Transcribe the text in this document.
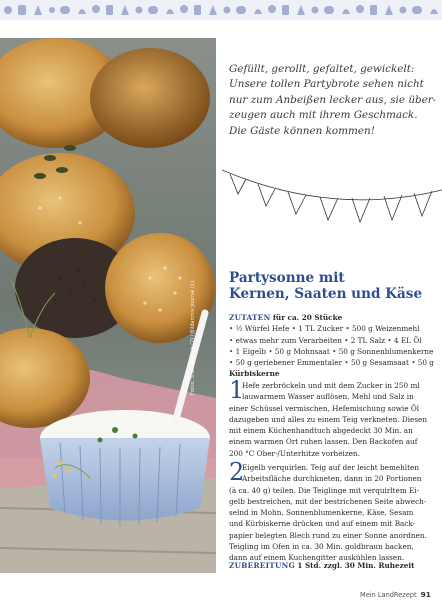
Fotos: Shutterstock (2) / Bildarchiv Journal (1)

Gefüllt, gerollt, gefaltet, gewickelt:

Unsere tollen Partybrote sehen nicht

nur zum Anbeißen lecker aus, sie über-

zeugen auch mit ihrem Geschmack.

Die Gäste können kommen!

Partysonne mit
Kernen, Saaten und Käse
ZUTATEN für ca. 20 Stücke
• ½ Würfel Hefe • 1 TL Zucker • 500 g Weizenmehl
• etwas mehr zum Verarbeiten • 2 TL Salz • 4 EL Öl
• 1 Eigelb • 50 g Mohnsaat • 50 g Sonnenblumenkerne
• 50 g geriebener Emmentaler • 50 g Sesamsaat • 50 g
Kürbiskerne
1
Hefe zerbröckeln und mit dem Zucker in 250 ml
lauwarmem Wasser auflösen. Mehl und Salz in
einer Schüssel vermischen, Hefemischung sowie Öl
dazugeben und alles zu einem Teig verkneten. Diesen
mit einem Küchenhandtuch abgedeckt 30 Min. an
einem warmen Ort ruhen lassen. Den Backofen auf
200 °C Ober-/Unterhitze vorheizen.
2
Eigelb verquirlen. Teig auf der leicht bemehlten
Arbeitsfläche durchkneten, dann in 20 Portionen
(à ca. 40 g) teilen. Die Teiglinge mit verquirltem Ei-
gelb bestreichen, mit der bestrichenen Seite abwech-
selnd in Mohn, Sonnenblumenkerne, Käse, Sesam
und Kürbiskerne drücken und auf einem mit Back-
papier belegten Blech rund zu einer Sonne anordnen.
Teigling im Ofen in ca. 30 Min. goldbraun backen,
dann auf einem Kuchengitter auskühlen lassen.
ZUBEREITUNG 1 Std. zzgl. 30 Min. Ruhezeit
Mein LandRezept 91
